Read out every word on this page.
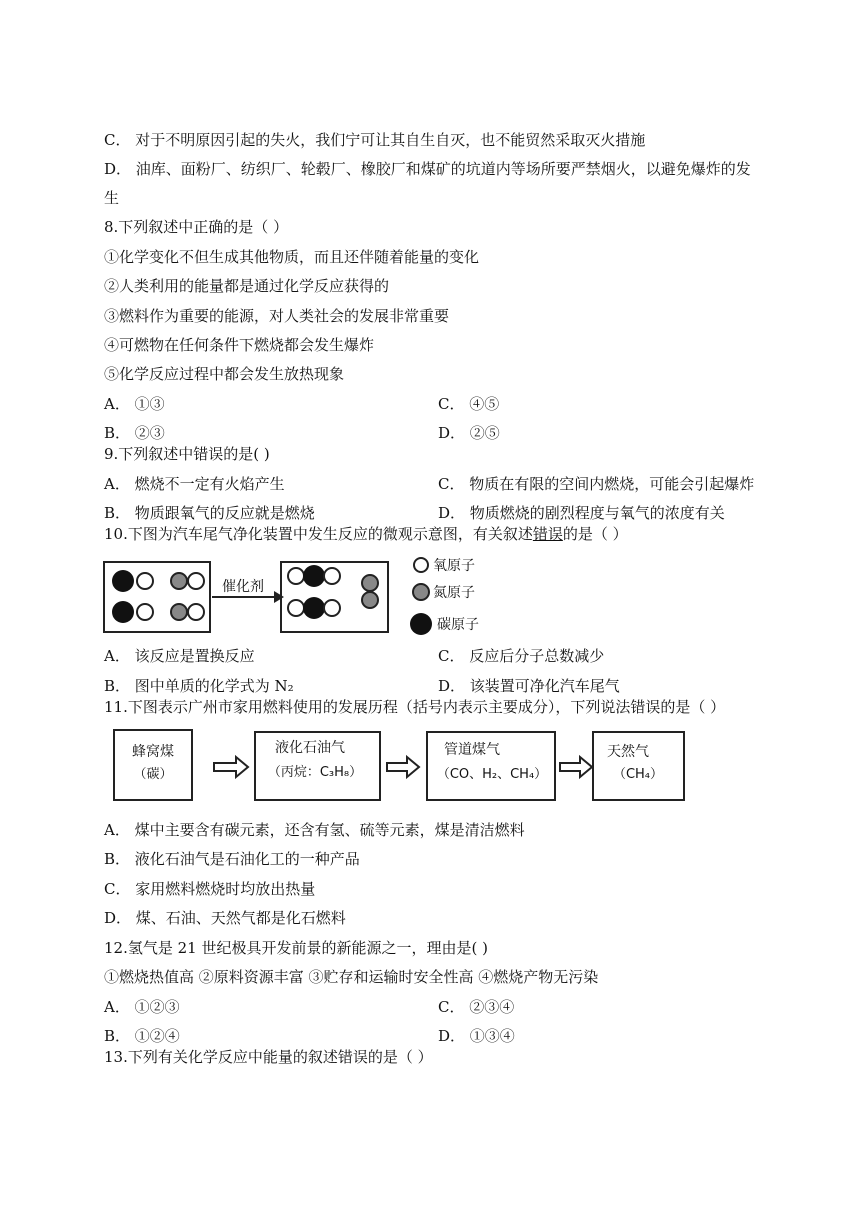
C． 对于不明原因引起的失火，我们宁可让其自生自灭，也不能贸然采取灭火措施
D． 油库、面粉厂、纺织厂、轮毂厂、橡胶厂和煤矿的坑道内等场所要严禁烟火，以避免爆炸的发
生
8.下列叙述中正确的是（ ）
①化学变化不但生成其他物质，而且还伴随着能量的变化
②人类利用的能量都是通过化学反应获得的
③燃料作为重要的能源，对人类社会的发展非常重要
④可燃物在任何条件下燃烧都会发生爆炸
⑤化学反应过程中都会发生放热现象
A． ①③	C． ④⑤
B． ②③	D． ②⑤
9.下列叙述中错误的是( )
A． 燃烧不一定有火焰产生	C． 物质在有限的空间内燃烧，可能会引起爆炸
B． 物质跟氧气的反应就是燃烧	D． 物质燃烧的剧烈程度与氧气的浓度有关
10.下图为汽车尾气净化装置中发生反应的微观示意图，有关叙述错误的是（ ）
催化剂
氧原子
氮原子
碳原子
A． 该反应是置换反应	C． 反应后分子总数减少
B． 图中单质的化学式为 N₂	D． 该装置可净化汽车尾气
11.下图表示广州市家用燃料使用的发展历程（括号内表示主要成分），下列说法错误的是（ ）
蜂窝煤
（碳）
液化石油气
（丙烷：C₃H₈）
管道煤气
（CO、H₂、CH₄）
天然气
（CH₄）
A． 煤中主要含有碳元素，还含有氢、硫等元素，煤是清洁燃料
B． 液化石油气是石油化工的一种产品
C． 家用燃料燃烧时均放出热量
D． 煤、石油、天然气都是化石燃料
12.氢气是 21 世纪极具开发前景的新能源之一，理由是( )
①燃烧热值高 ②原料资源丰富 ③贮存和运输时安全性高 ④燃烧产物无污染
A． ①②③	C． ②③④
B． ①②④	D． ①③④
13.下列有关化学反应中能量的叙述错误的是（ ）
